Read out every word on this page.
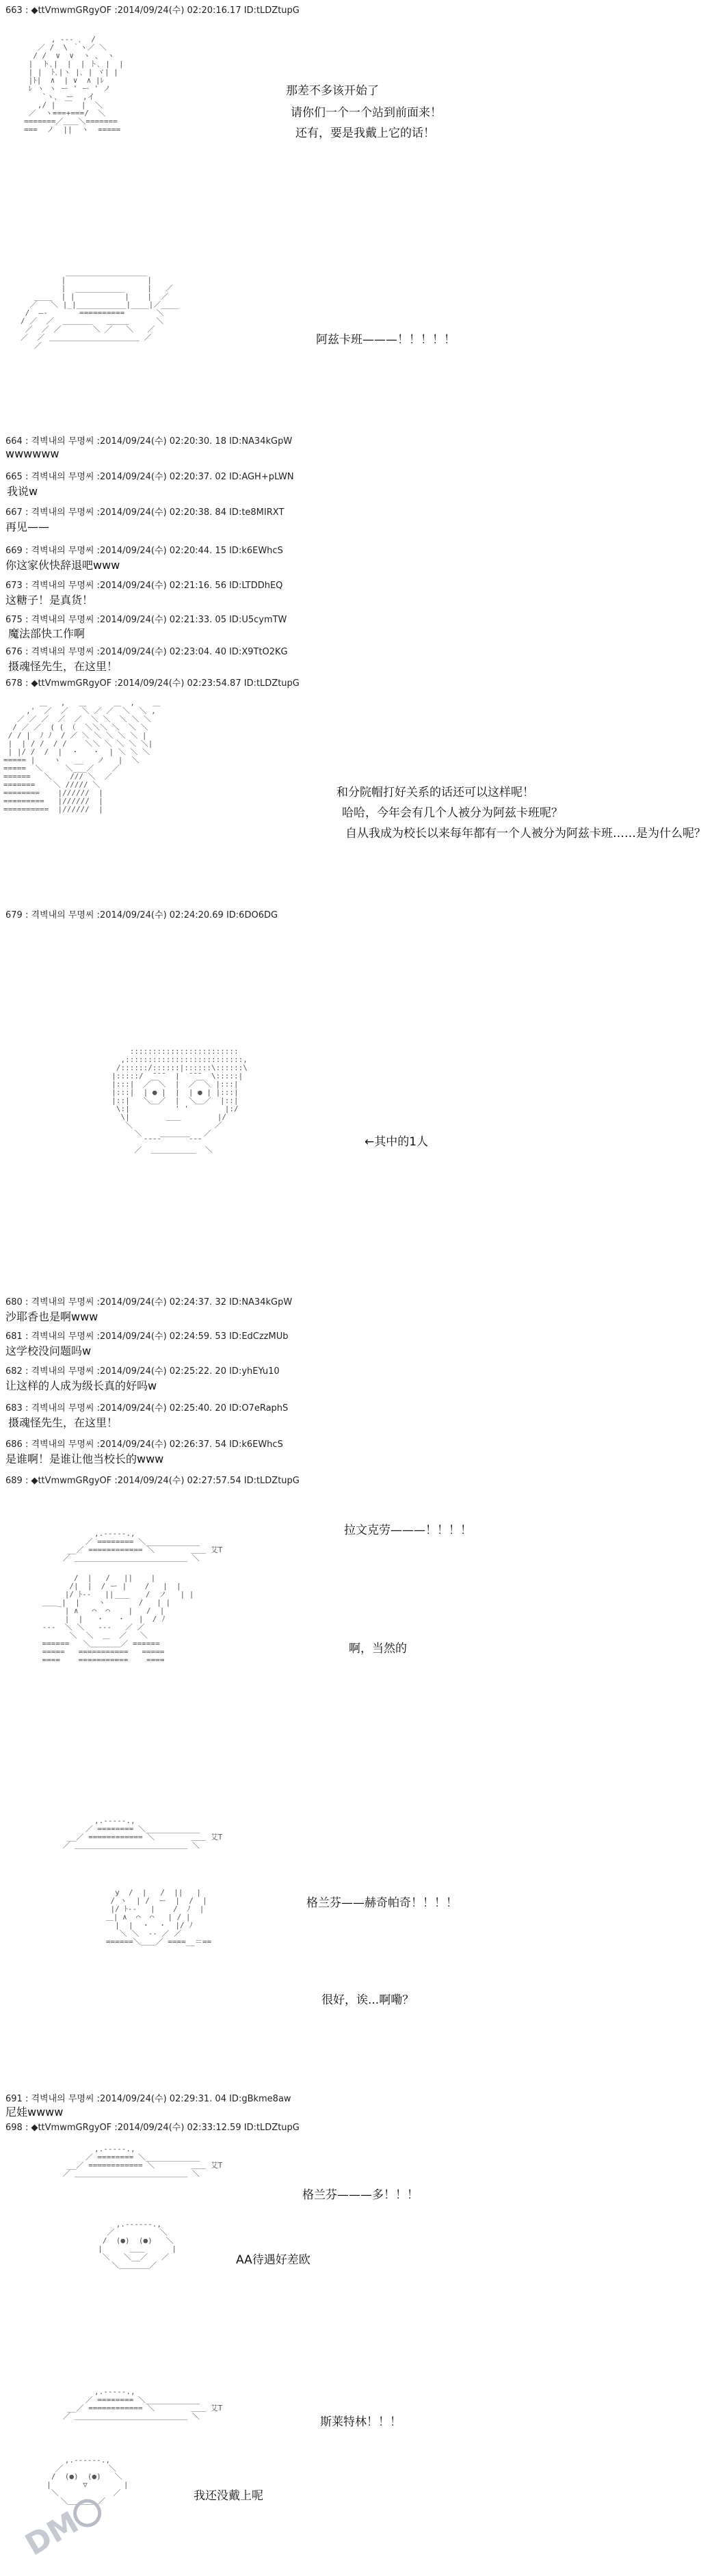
, -‐‐ ､  /
／ /  \ ｀ヽ／ ＼
/ /  ∨  ∨  ヽ 、 ヽ
|  ト､|  |  | ト､ |  |
| |  ﾄ､|ヽ |､ | ヾ| |
|ﾄ|  ∧  | ∨  ∧ |ﾚ
ﾚ ヽ ヽ ー ' ー ' ノ
`ヽ、 ー  ,イ
,/ |  ￣  |  ＼
／  ヽ===+===/  ＼
=======／＿＿＼=======
===  ノ  ||  ヽ  =====

__________________
|                  |
|  ___________     |   ／
____  | |           |    |  ／
／   ＼ |_|___________|____|／____
/  ―‐       ==========       ＼
/ ／  ／  ＿＿＿＿   ＿＿＿      ＼
／  ／ ／       ＼ ／   ＼   ／
／  ／ ＿＿＿＿＿＿＿＿＿＿＿＿ ／
／

＿   ,   ＿      ＿  ,    ＿
,'  ／  ／   ＼ ／ ／  ＼  ＼ ,
／ ／ ／  ／  ／  ＼ ＼  ＼ ＼ ＼
/ ／ ／  ( ( （  ＼＼＼ ＼  ＼ ＼
/ / |  ﾉ ﾉ  / ／ ＼ ＼ ＼ ＼ ＼ |
|  | / /  / /    ＼＼ ＼ ＼ ＼ ＼|
| |/ /  /  |  ・   ・  | ＼ ＼ ＼
===== |    ヽ   __   ノ   |  ＼
=====  ＼     ＼___／    ／
======   ＼    /// ＼  ／
=======    ＼ ///// ＼
========    |//////  |
=========   |//////  |
==========  |//////  |

::::::::::::::::::::::::
,::::::::::::::::::::::::::,
/::::::/::::::|::::::\::::::\
|:::::/  ¯¯¯  |  ¯¯¯  \:::::|
|:::|  ／￣＼  |  ／￣＼ |:::|
|:::|  | ● |  |  | ● | |:::|
|::|   ＼＿／  |  ＼＿／  |::|
\:|          ' '        |:/
\|        ＿＿        |/
＼                  ／
＼    ＿＿＿＿   ／
¯¯¯¯      ¯¯¯
／  ＿＿＿＿＿＿  ＼

,.-‐‐‐‐.,
／ ======== ＼____________
__／ ============ ＼        ＿＿ 艾T
／ ＿＿＿＿＿＿＿＿＿＿＿＿＿＿＿ ＼

/  |   /   ||    |
/|  |  / ー |    /   |  |
|/ ﾄ-‐   ||       /  ノ   | |
＿＿_|  |    ヽ  ￣￣  /   | |
| ∧   ⌒  ⌒    |   /  |
|  |   ・   ・   |  / ﾉ
-‐‐  ＼ ＼   ‐‐‐   ／ ／
＼  ＼  ＿  ／   ＼
======   ＼＿＿＿＿／ ======
=====   ===========   =====
====    ===========    ====

,.-‐‐‐‐.,
／ ======== ＼____________
__／ ============ ＼        ＿＿ 艾T
／ ＿＿＿＿＿＿＿＿＿＿＿＿＿＿＿ ＼

y  /  |   /  ||   |
/ ヽ  | /  ー  |  /  |
|/ ﾄ-‐   |    /  ﾉ  |
＿| ∧  ⌒  ⌒   | / |
|  |  ・  ・  |/ ﾉ
＼ ＼  ‐‐ ／ ／
======＼＿＿／ ====__＝==

,.-‐‐‐‐.,
／ ======== ＼____________
__／ ============ ＼        ＿＿ 艾T
／ ＿＿＿＿＿＿＿＿＿＿＿＿＿＿＿ ＼

,.-‐‐‐‐-.,
／          ＼
/  (●)  (●)   ＼
|      ＿＿      |
＼   ＼__／   ／
＼＿＿＿＿／

,.-‐‐‐‐.,
／ ======== ＼____________
__／ ============ ＼        ＿＿ 艾T
／ ＿＿＿＿＿＿＿＿＿＿＿＿＿＿＿ ＼

,.-‐‐‐‐-.,
／          ＼
/  (●)  (●)   ＼
|       ▽        |
＼            ／
＼＿＿＿＿／

DM
663 : ◆ttVmwmGRgyOF :2014/09/24(수) 02:20:16.17 ID:tLDZtupG
664 : 격벽내의 무명씨 :2014/09/24(수) 02:20:30. 18 ID:NA34kGpW
665 : 격벽내의 무명씨 :2014/09/24(수) 02:20:37. 02 ID:AGH+pLWN
667 : 격벽내의 무명씨 :2014/09/24(수) 02:20:38. 84 ID:te8MIRXT
669 : 격벽내의 무명씨 :2014/09/24(수) 02:20:44. 15 ID:k6EWhcS
673 : 격벽내의 무명씨 :2014/09/24(수) 02:21:16. 56 ID:LTDDhEQ
675 : 격벽내의 무명씨 :2014/09/24(수) 02:21:33. 05 ID:U5cymTW
676 : 격벽내의 무명씨 :2014/09/24(수) 02:23:04. 40 ID:X9TtO2KG
678 : ◆ttVmwmGRgyOF :2014/09/24(수) 02:23:54.87 ID:tLDZtupG
679 : 격벽내의 무명씨 :2014/09/24(수) 02:24:20.69 ID:6DO6DG
680 : 격벽내의 무명씨 :2014/09/24(수) 02:24:37. 32 ID:NA34kGpW
681 : 격벽내의 무명씨 :2014/09/24(수) 02:24:59. 53 ID:EdCzzMUb
682 : 격벽내의 무명씨 :2014/09/24(수) 02:25:22. 20 ID:yhEYu10
683 : 격벽내의 무명씨 :2014/09/24(수) 02:25:40. 20 ID:O7eRaphS
686 : 격벽내의 무명씨 :2014/09/24(수) 02:26:37. 54 ID:k6EWhcS
689 : ◆ttVmwmGRgyOF :2014/09/24(수) 02:27:57.54 ID:tLDZtupG
691 : 격벽내의 무명씨 :2014/09/24(수) 02:29:31. 04 ID:gBkme8aw
698 : ◆ttVmwmGRgyOF :2014/09/24(수) 02:33:12.59 ID:tLDZtupG
wwwwww
我说w
再见——
你这家伙快辞退吧www
这糖子！是真货！
魔法部快工作啊
摄魂怪先生，在这里！
沙耶香也是啊www
这学校没问题吗w
让这样的人成为级长真的好吗w
摄魂怪先生，在这里！
是谁啊！是谁让他当校长的www
尼娃wwww
那差不多该开始了
请你们一个一个站到前面来！
还有，要是我戴上它的话！
阿兹卡班———！！！！！
和分院帽打好关系的话还可以这样呢！
哈哈，今年会有几个人被分为阿兹卡班呢？
自从我成为校长以来每年都有一个人被分为阿兹卡班……是为什么呢？
←其中的1人
拉文克劳———！！！！
啊，当然的
格兰芬——赫奇帕奇！！！！
很好，诶...啊嘞？
格兰芬———多！！！
AA待遇好差欧
斯莱特林！！！
我还没戴上呢
